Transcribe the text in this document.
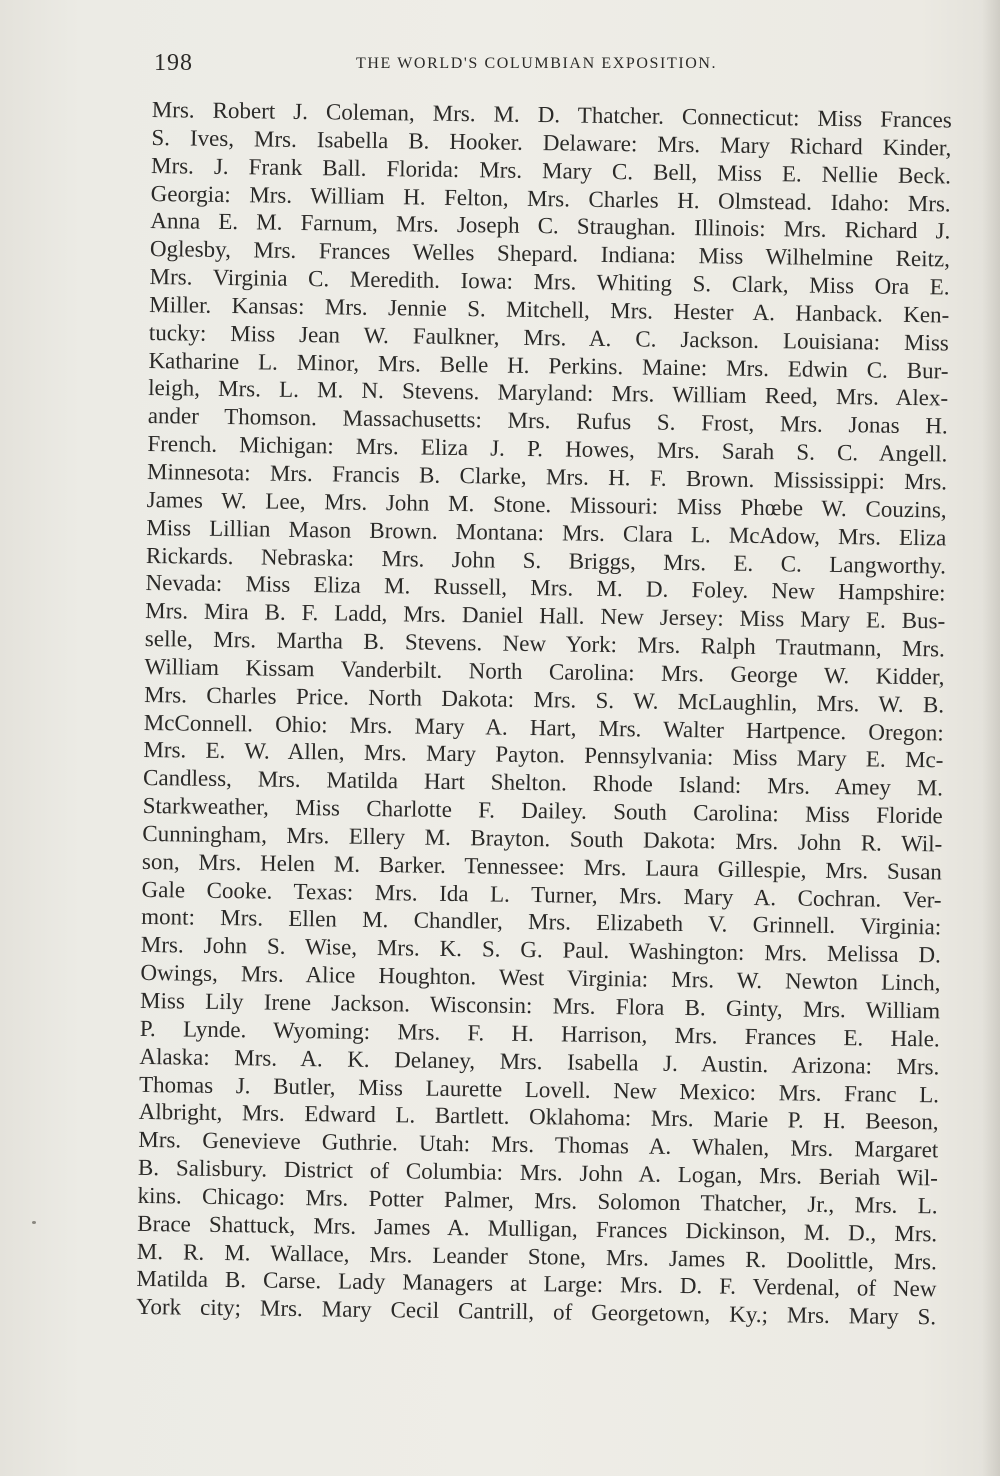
198	THE WORLD'S COLUMBIAN EXPOSITION.
Mrs. Robert J. Coleman, Mrs. M. D. Thatcher. Connecticut: Miss Frances
S. Ives, Mrs. Isabella B. Hooker. Delaware: Mrs. Mary Richard Kinder,
Mrs. J. Frank Ball. Florida: Mrs. Mary C. Bell, Miss E. Nellie Beck.
Georgia: Mrs. William H. Felton, Mrs. Charles H. Olmstead. Idaho: Mrs.
Anna E. M. Farnum, Mrs. Joseph C. Straughan. Illinois: Mrs. Richard J.
Oglesby, Mrs. Frances Welles Shepard. Indiana: Miss Wilhelmine Reitz,
Mrs. Virginia C. Meredith. Iowa: Mrs. Whiting S. Clark, Miss Ora E.
Miller. Kansas: Mrs. Jennie S. Mitchell, Mrs. Hester A. Hanback. Ken-
tucky: Miss Jean W. Faulkner, Mrs. A. C. Jackson. Louisiana: Miss
Katharine L. Minor, Mrs. Belle H. Perkins. Maine: Mrs. Edwin C. Bur-
leigh, Mrs. L. M. N. Stevens. Maryland: Mrs. William Reed, Mrs. Alex-
ander Thomson. Massachusetts: Mrs. Rufus S. Frost, Mrs. Jonas H.
French. Michigan: Mrs. Eliza J. P. Howes, Mrs. Sarah S. C. Angell.
Minnesota: Mrs. Francis B. Clarke, Mrs. H. F. Brown. Mississippi: Mrs.
James W. Lee, Mrs. John M. Stone. Missouri: Miss Phœbe W. Couzins,
Miss Lillian Mason Brown. Montana: Mrs. Clara L. McAdow, Mrs. Eliza
Rickards. Nebraska: Mrs. John S. Briggs, Mrs. E. C. Langworthy.
Nevada: Miss Eliza M. Russell, Mrs. M. D. Foley. New Hampshire:
Mrs. Mira B. F. Ladd, Mrs. Daniel Hall. New Jersey: Miss Mary E. Bus-
selle, Mrs. Martha B. Stevens. New York: Mrs. Ralph Trautmann, Mrs.
William Kissam Vanderbilt. North Carolina: Mrs. George W. Kidder,
Mrs. Charles Price. North Dakota: Mrs. S. W. McLaughlin, Mrs. W. B.
McConnell. Ohio: Mrs. Mary A. Hart, Mrs. Walter Hartpence. Oregon:
Mrs. E. W. Allen, Mrs. Mary Payton. Pennsylvania: Miss Mary E. Mc-
Candless, Mrs. Matilda Hart Shelton. Rhode Island: Mrs. Amey M.
Starkweather, Miss Charlotte F. Dailey. South Carolina: Miss Floride
Cunningham, Mrs. Ellery M. Brayton. South Dakota: Mrs. John R. Wil-
son, Mrs. Helen M. Barker. Tennessee: Mrs. Laura Gillespie, Mrs. Susan
Gale Cooke. Texas: Mrs. Ida L. Turner, Mrs. Mary A. Cochran. Ver-
mont: Mrs. Ellen M. Chandler, Mrs. Elizabeth V. Grinnell. Virginia:
Mrs. John S. Wise, Mrs. K. S. G. Paul. Washington: Mrs. Melissa D.
Owings, Mrs. Alice Houghton. West Virginia: Mrs. W. Newton Linch,
Miss Lily Irene Jackson. Wisconsin: Mrs. Flora B. Ginty, Mrs. William
P. Lynde. Wyoming: Mrs. F. H. Harrison, Mrs. Frances E. Hale.
Alaska: Mrs. A. K. Delaney, Mrs. Isabella J. Austin. Arizona: Mrs.
Thomas J. Butler, Miss Laurette Lovell. New Mexico: Mrs. Franc L.
Albright, Mrs. Edward L. Bartlett. Oklahoma: Mrs. Marie P. H. Beeson,
Mrs. Genevieve Guthrie. Utah: Mrs. Thomas A. Whalen, Mrs. Margaret
B. Salisbury. District of Columbia: Mrs. John A. Logan, Mrs. Beriah Wil-
kins. Chicago: Mrs. Potter Palmer, Mrs. Solomon Thatcher, Jr., Mrs. L.
Brace Shattuck, Mrs. James A. Mulligan, Frances Dickinson, M. D., Mrs.
M. R. M. Wallace, Mrs. Leander Stone, Mrs. James R. Doolittle, Mrs.
Matilda B. Carse. Lady Managers at Large: Mrs. D. F. Verdenal, of New
York city; Mrs. Mary Cecil Cantrill, of Georgetown, Ky.; Mrs. Mary S.
